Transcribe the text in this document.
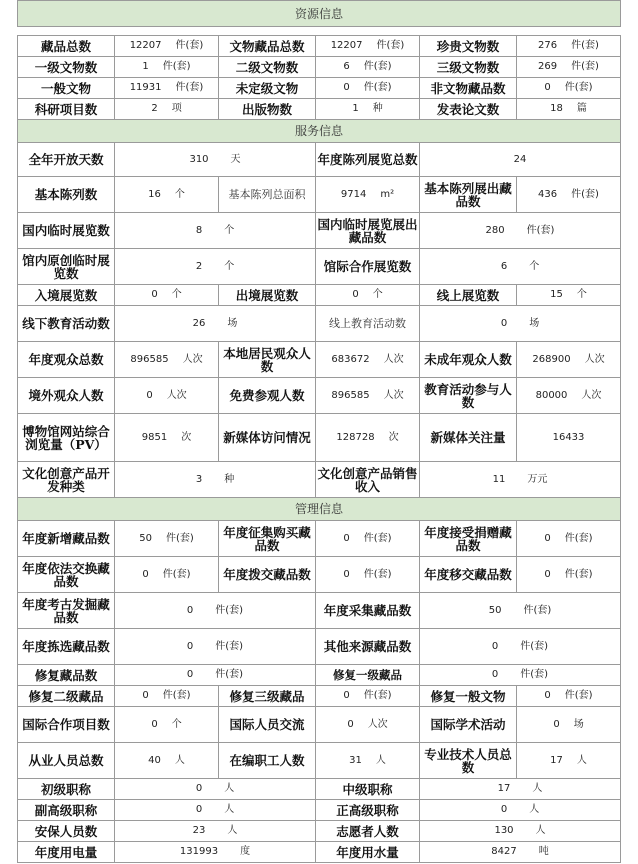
资源信息
藏品总数	12207 件(套)	文物藏品总数	12207 件(套)	珍贵文物数	276 件(套)
一级文物数	1 件(套)	二级文物数	6 件(套)	三级文物数	269 件(套)
一般文物	11931 件(套)	未定级文物	0 件(套)	非文物藏品数	0 件(套)
科研项目数	2 项	出版物数	1 种	发表论文数	18 篇
服务信息					
全年开放天数	310 天		年度陈列展览总数	24	
基本陈列数	16 个	基本陈列总面积	9714 m²	基本陈列展出藏品数	436 件(套)
国内临时展览数	8 个		国内临时展览展出藏品数	280 件(套)	
馆内原创临时展览数	2 个		馆际合作展览数	6 个	
入境展览数	0 个	出境展览数	0 个	线上展览数	15 个
线下教育活动数	26 场		线上教育活动数	0 场	
年度观众总数	896585 人次	本地居民观众人数	683672 人次	未成年观众人数	268900 人次
境外观众人数	0 人次	免费参观人数	896585 人次	教育活动参与人数	80000 人次
博物馆网站综合浏览量（PV）	9851 次	新媒体访问情况	128728 次	新媒体关注量	16433
文化创意产品开发种类	3 种		文化创意产品销售收入	11 万元	
管理信息					
年度新增藏品数	50 件(套)	年度征集购买藏品数	0 件(套)	年度接受捐赠藏品数	0 件(套)
年度依法交换藏品数	0 件(套)	年度拨交藏品数	0 件(套)	年度移交藏品数	0 件(套)
年度考古发掘藏品数	0 件(套)		年度采集藏品数	50 件(套)	
年度拣选藏品数	0 件(套)		其他来源藏品数	0 件(套)	
修复藏品数	0 件(套)		修复一级藏品	0 件(套)	
修复二级藏品	0 件(套)	修复三级藏品	0 件(套)	修复一般文物	0 件(套)
国际合作项目数	0 个	国际人员交流	0 人次	国际学术活动	0 场
从业人员总数	40 人	在编职工人数	31 人	专业技术人员总数	17 人
初级职称	0 人		中级职称	17 人	
副高级职称	0 人		正高级职称	0 人	
安保人员数	23 人		志愿者人数	130 人	
年度用电量	131993 度		年度用水量	8427 吨	
